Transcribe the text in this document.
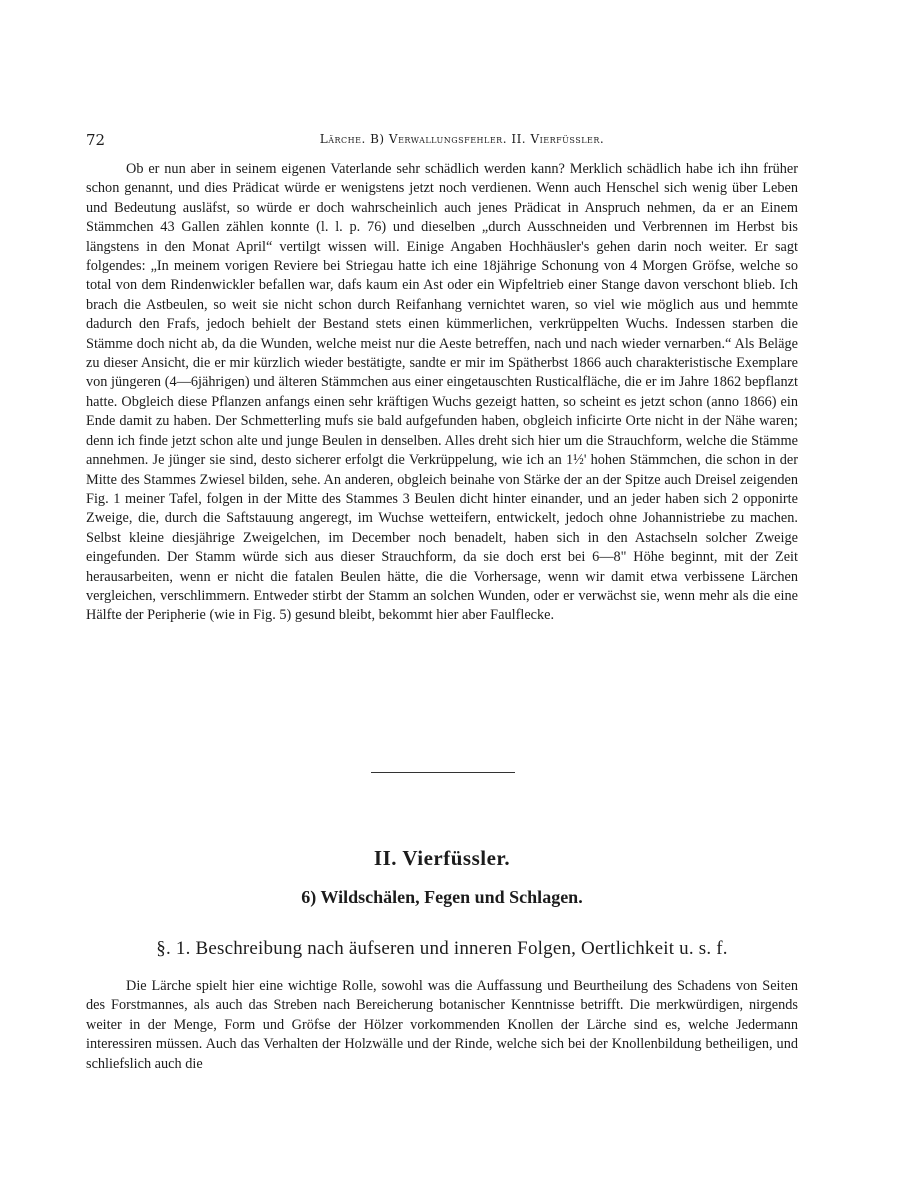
72	Lärche. B) Verwallungsfehler. II. Vierfüssler.

Ob er nun aber in seinem eigenen Vaterlande sehr schädlich werden kann? Merklich schädlich habe ich ihn früher schon genannt, und dies Prädicat würde er wenigstens jetzt noch verdienen. Wenn auch Henschel sich wenig über Leben und Bedeutung ausläfst, so würde er doch wahrscheinlich auch jenes Prädicat in Anspruch nehmen, da er an Einem Stämmchen 43 Gallen zählen konnte (l. l. p. 76) und dieselben „durch Ausschneiden und Verbrennen im Herbst bis längstens in den Monat April“ vertilgt wissen will. Einige Angaben Hochhäusler's gehen darin noch weiter. Er sagt folgendes: „In meinem vorigen Reviere bei Striegau hatte ich eine 18jährige Schonung von 4 Morgen Gröfse, welche so total von dem Rindenwickler befallen war, dafs kaum ein Ast oder ein Wipfeltrieb einer Stange davon verschont blieb. Ich brach die Astbeulen, so weit sie nicht schon durch Reifanhang vernichtet waren, so viel wie möglich aus und hemmte dadurch den Frafs, jedoch behielt der Bestand stets einen kümmerlichen, verkrüppelten Wuchs. Indessen starben die Stämme doch nicht ab, da die Wunden, welche meist nur die Aeste betreffen, nach und nach wieder vernarben.“ Als Beläge zu dieser Ansicht, die er mir kürzlich wieder bestätigte, sandte er mir im Spätherbst 1866 auch charakteristische Exemplare von jüngeren (4—6jährigen) und älteren Stämmchen aus einer eingetauschten Rusticalfläche, die er im Jahre 1862 bepflanzt hatte. Obgleich diese Pflanzen anfangs einen sehr kräftigen Wuchs gezeigt hatten, so scheint es jetzt schon (anno 1866) ein Ende damit zu haben. Der Schmetterling mufs sie bald aufgefunden haben, obgleich inficirte Orte nicht in der Nähe waren; denn ich finde jetzt schon alte und junge Beulen in denselben. Alles dreht sich hier um die Strauchform, welche die Stämme annehmen. Je jünger sie sind, desto sicherer erfolgt die Verkrüppelung, wie ich an 1½' hohen Stämmchen, die schon in der Mitte des Stammes Zwiesel bilden, sehe. An anderen, obgleich beinahe von Stärke der an der Spitze auch Dreisel zeigenden Fig. 1 meiner Tafel, folgen in der Mitte des Stammes 3 Beulen dicht hinter einander, und an jeder haben sich 2 opponirte Zweige, die, durch die Saftstauung angeregt, im Wuchse wetteifern, entwickelt, jedoch ohne Johannistriebe zu machen. Selbst kleine diesjährige Zweigelchen, im December noch benadelt, haben sich in den Astachseln solcher Zweige eingefunden. Der Stamm würde sich aus dieser Strauchform, da sie doch erst bei 6—8" Höhe beginnt, mit der Zeit herausarbeiten, wenn er nicht die fatalen Beulen hätte, die die Vorhersage, wenn wir damit etwa verbissene Lärchen vergleichen, verschlimmern. Entweder stirbt der Stamm an solchen Wunden, oder er verwächst sie, wenn mehr als die eine Hälfte der Peripherie (wie in Fig. 5) gesund bleibt, bekommt hier aber Faulflecke.

II. Vierfüssler.
6) Wildschälen, Fegen und Schlagen.
§. 1. Beschreibung nach äufseren und inneren Folgen, Oertlichkeit u. s. f.

Die Lärche spielt hier eine wichtige Rolle, sowohl was die Auffassung und Beurtheilung des Schadens von Seiten des Forstmannes, als auch das Streben nach Bereicherung botanischer Kenntnisse betrifft. Die merkwürdigen, nirgends weiter in der Menge, Form und Gröfse der Hölzer vorkommenden Knollen der Lärche sind es, welche Jedermann interessiren müssen. Auch das Verhalten der Holzwälle und der Rinde, welche sich bei der Knollenbildung betheiligen, und schliefslich auch die
